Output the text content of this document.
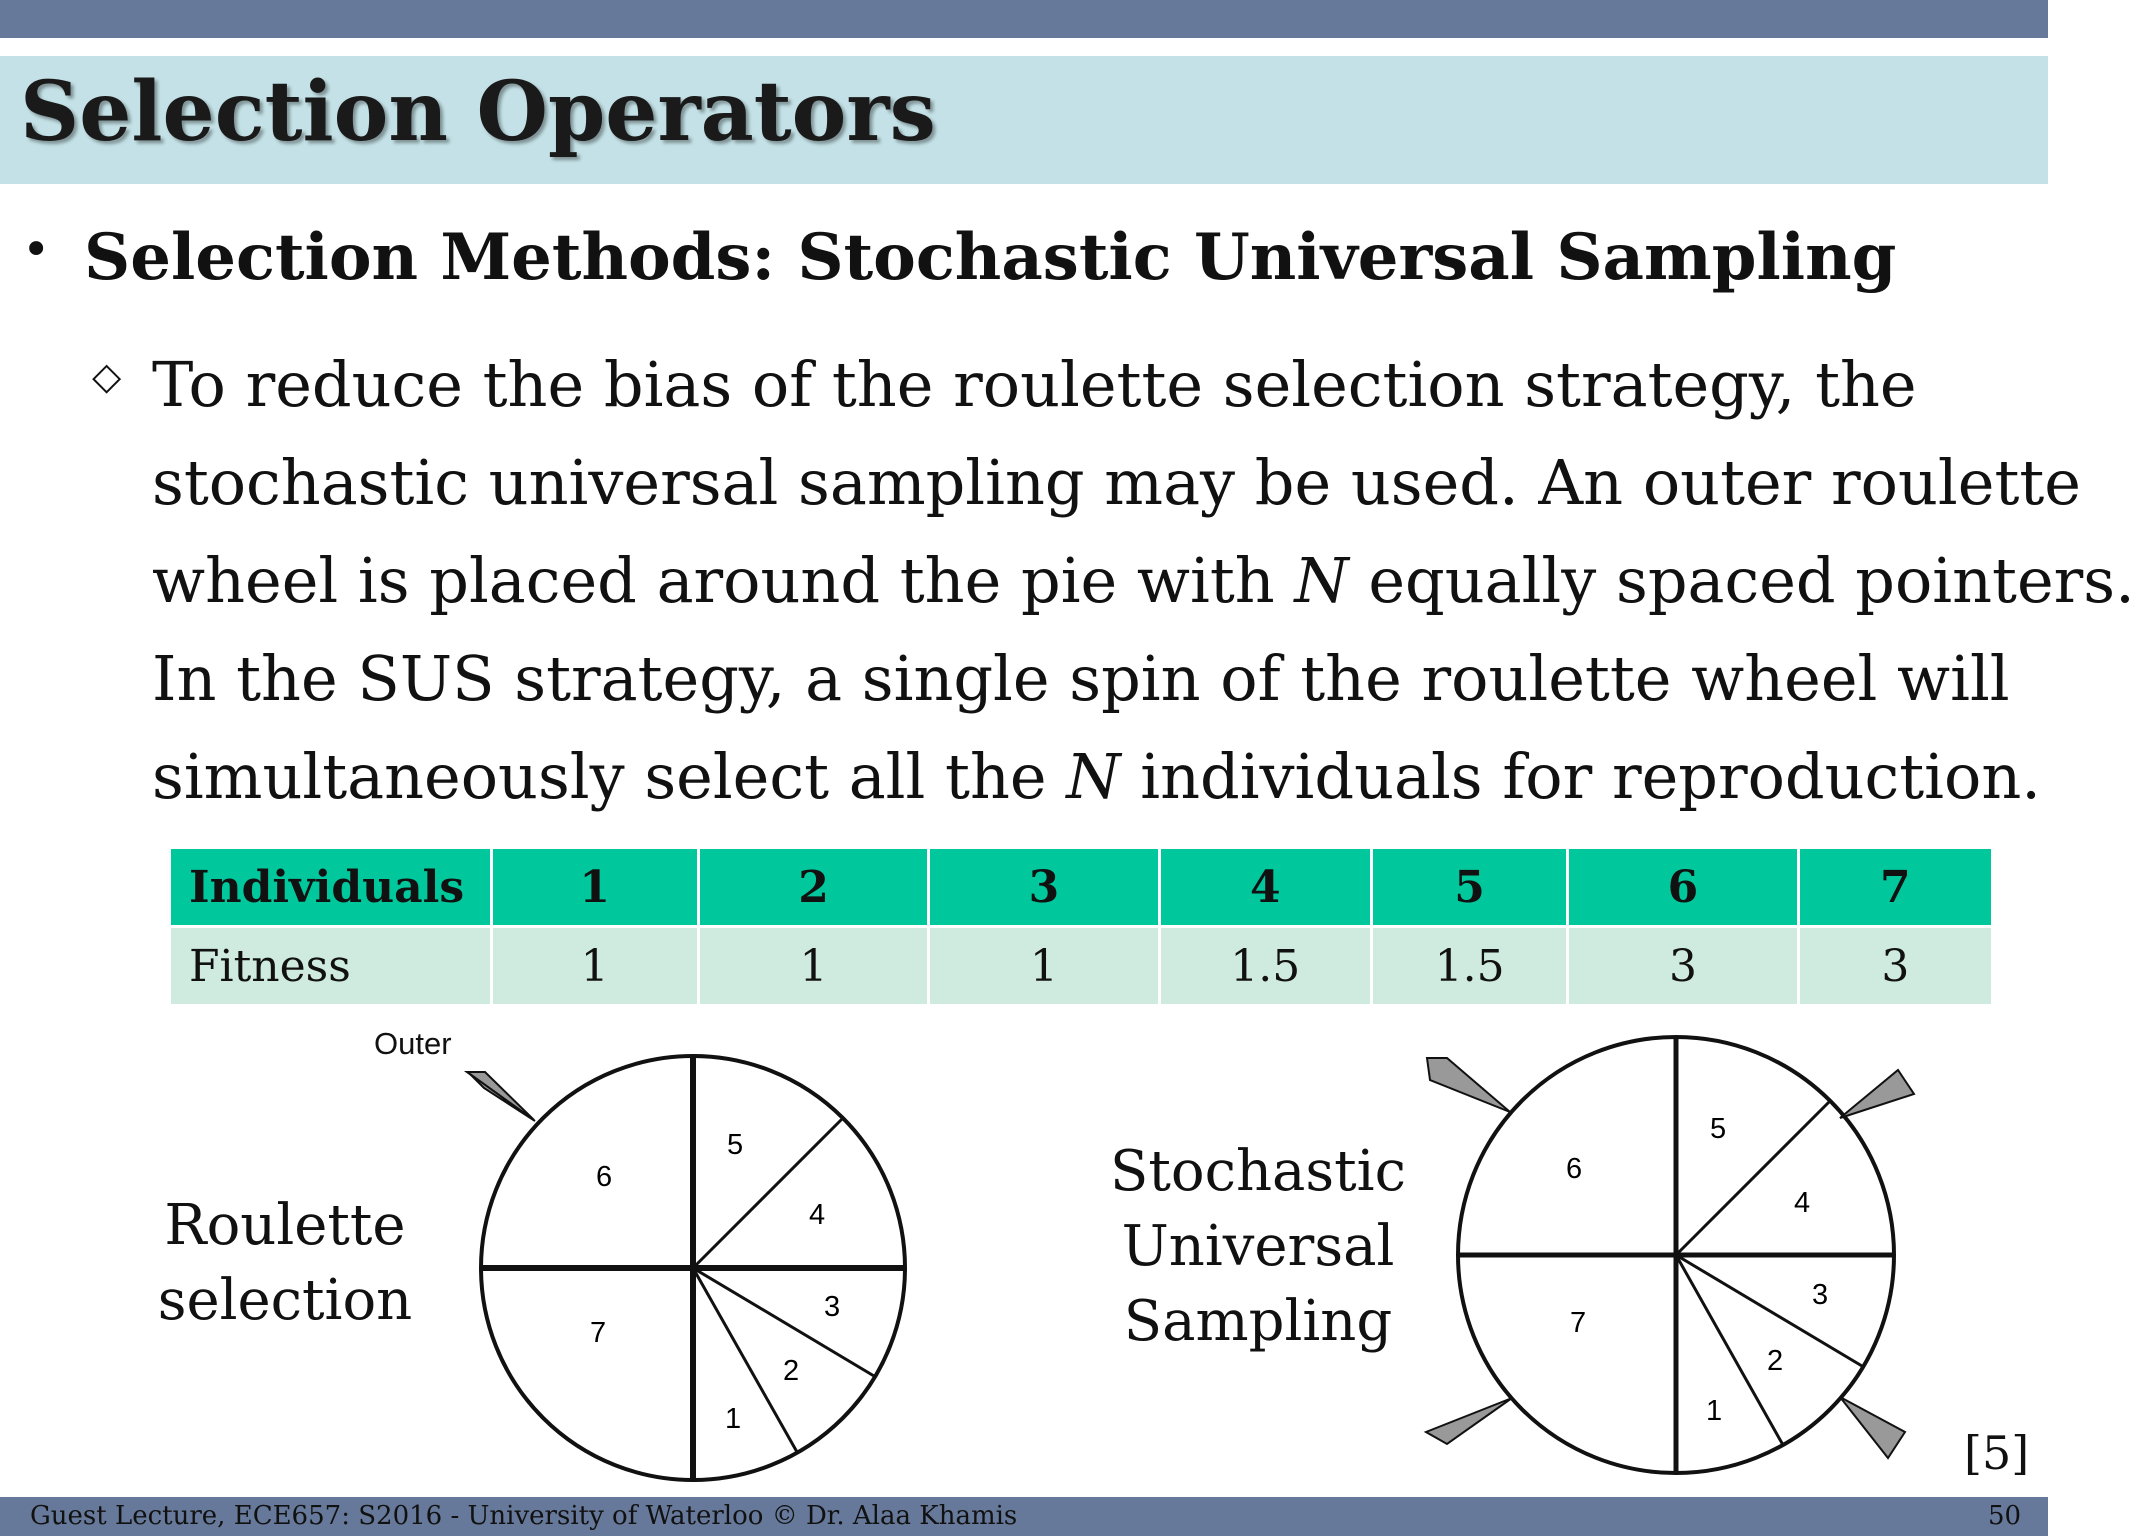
Selection Operators
• Selection Methods: Stochastic Universal Sampling
◇ To reduce the bias of the roulette selection strategy, the
stochastic universal sampling may be used. An outer roulette
wheel is placed around the pie with N equally spaced pointers.
In the SUS strategy, a single spin of the roulette wheel will
simultaneously select all the N individuals for reproduction.
Individuals	1	2	3	4	5	6	7
Fitness	1	1	1	1.5	1.5	3	3
Outer
Roulette
selection
Stochastic
Universal
Sampling
6
5
4
3
2
1
7
6
5
4
3
2
1
7
[5]
Guest Lecture, ECE657: S2016 - University of Waterloo © Dr. Alaa Khamis	50
